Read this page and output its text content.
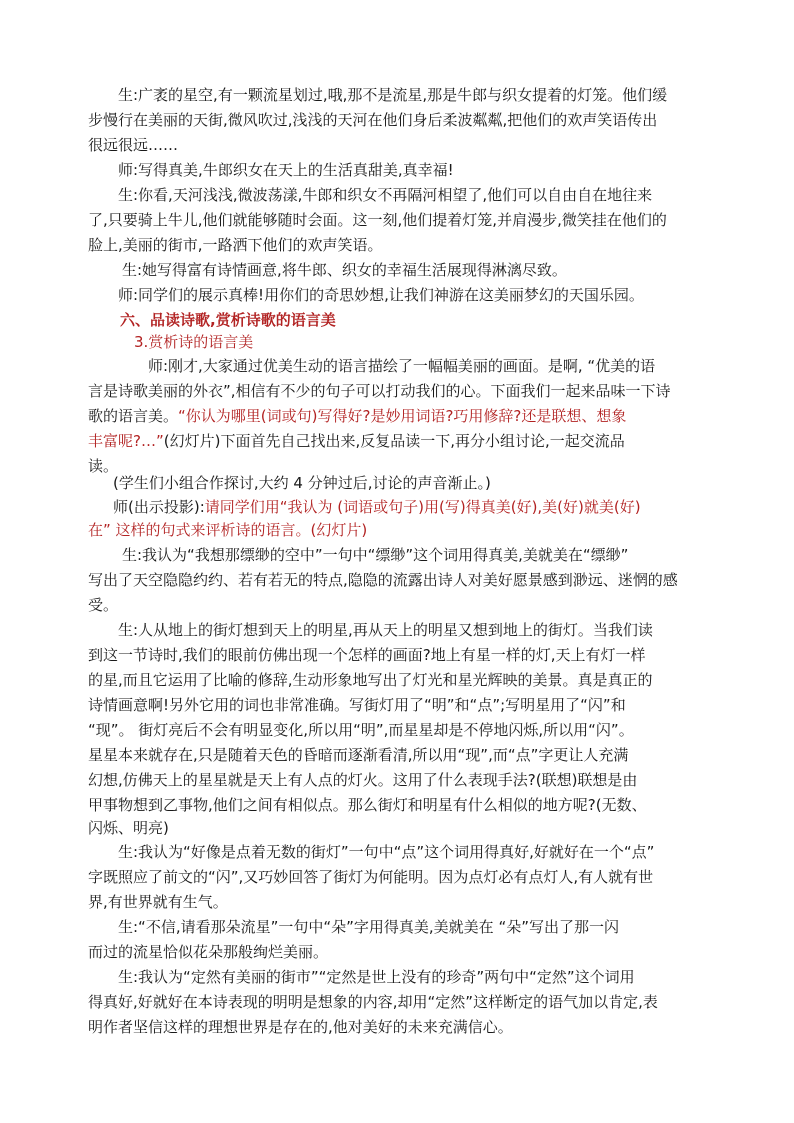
生:广袤的星空,有一颗流星划过,哦,那不是流星,那是牛郎与织女提着的灯笼。他们缓
步慢行在美丽的天街,微风吹过,浅浅的天河在他们身后柔波粼粼,把他们的欢声笑语传出
很远很远……
师:写得真美,牛郎织女在天上的生活真甜美,真幸福!
生:你看,天河浅浅,微波荡漾,牛郎和织女不再隔河相望了,他们可以自由自在地往来
了,只要骑上牛儿,他们就能够随时会面。这一刻,他们提着灯笼,并肩漫步,微笑挂在他们的
脸上,美丽的街市,一路洒下他们的欢声笑语。
生:她写得富有诗情画意,将牛郎、织女的幸福生活展现得淋漓尽致。
师:同学们的展示真棒!用你们的奇思妙想,让我们神游在这美丽梦幻的天国乐园。
六、品读诗歌,赏析诗歌的语言美
3.赏析诗的语言美
师:刚才,大家通过优美生动的语言描绘了一幅幅美丽的画面。是啊, “优美的语
言是诗歌美丽的外衣”,相信有不少的句子可以打动我们的心。下面我们一起来品味一下诗
歌的语言美。“你认为哪里(词或句)写得好?是妙用词语?巧用修辞?还是联想、想象
丰富呢?…”(幻灯片)下面首先自己找出来,反复品读一下,再分小组讨论,一起交流品
读。
(学生们小组合作探讨,大约 4 分钟过后,讨论的声音渐止。)
师(出示投影):请同学们用“我认为 (词语或句子)用(写)得真美(好),美(好)就美(好)
在” 这样的句式来评析诗的语言。(幻灯片)
生:我认为“我想那缥缈的空中”一句中“缥缈”这个词用得真美,美就美在“缥缈”
写出了天空隐隐约约、若有若无的特点,隐隐的流露出诗人对美好愿景感到渺远、迷惘的感
受。
生:人从地上的街灯想到天上的明星,再从天上的明星又想到地上的街灯。当我们读
到这一节诗时,我们的眼前仿佛出现一个怎样的画面?地上有星一样的灯,天上有灯一样
的星,而且它运用了比喻的修辞,生动形象地写出了灯光和星光辉映的美景。真是真正的
诗情画意啊!另外它用的词也非常准确。写街灯用了“明”和“点”;写明星用了“闪”和
“现”。 街灯亮后不会有明显变化,所以用“明”,而星星却是不停地闪烁,所以用“闪”。
星星本来就存在,只是随着天色的昏暗而逐渐看清,所以用“现”,而“点”字更让人充满
幻想,仿佛天上的星星就是天上有人点的灯火。这用了什么表现手法?(联想)联想是由
甲事物想到乙事物,他们之间有相似点。那么街灯和明星有什么相似的地方呢?(无数、
闪烁、明亮)
生:我认为“好像是点着无数的街灯”一句中“点”这个词用得真好,好就好在一个“点”
字既照应了前文的“闪”,又巧妙回答了街灯为何能明。因为点灯必有点灯人,有人就有世
界,有世界就有生气。
生:“不信,请看那朵流星”一句中“朵”字用得真美,美就美在 “朵”写出了那一闪
而过的流星恰似花朵那般绚烂美丽。
生:我认为“定然有美丽的街市”“定然是世上没有的珍奇”两句中“定然”这个词用
得真好,好就好在本诗表现的明明是想象的内容,却用“定然”这样断定的语气加以肯定,表
明作者坚信这样的理想世界是存在的,他对美好的未来充满信心。
